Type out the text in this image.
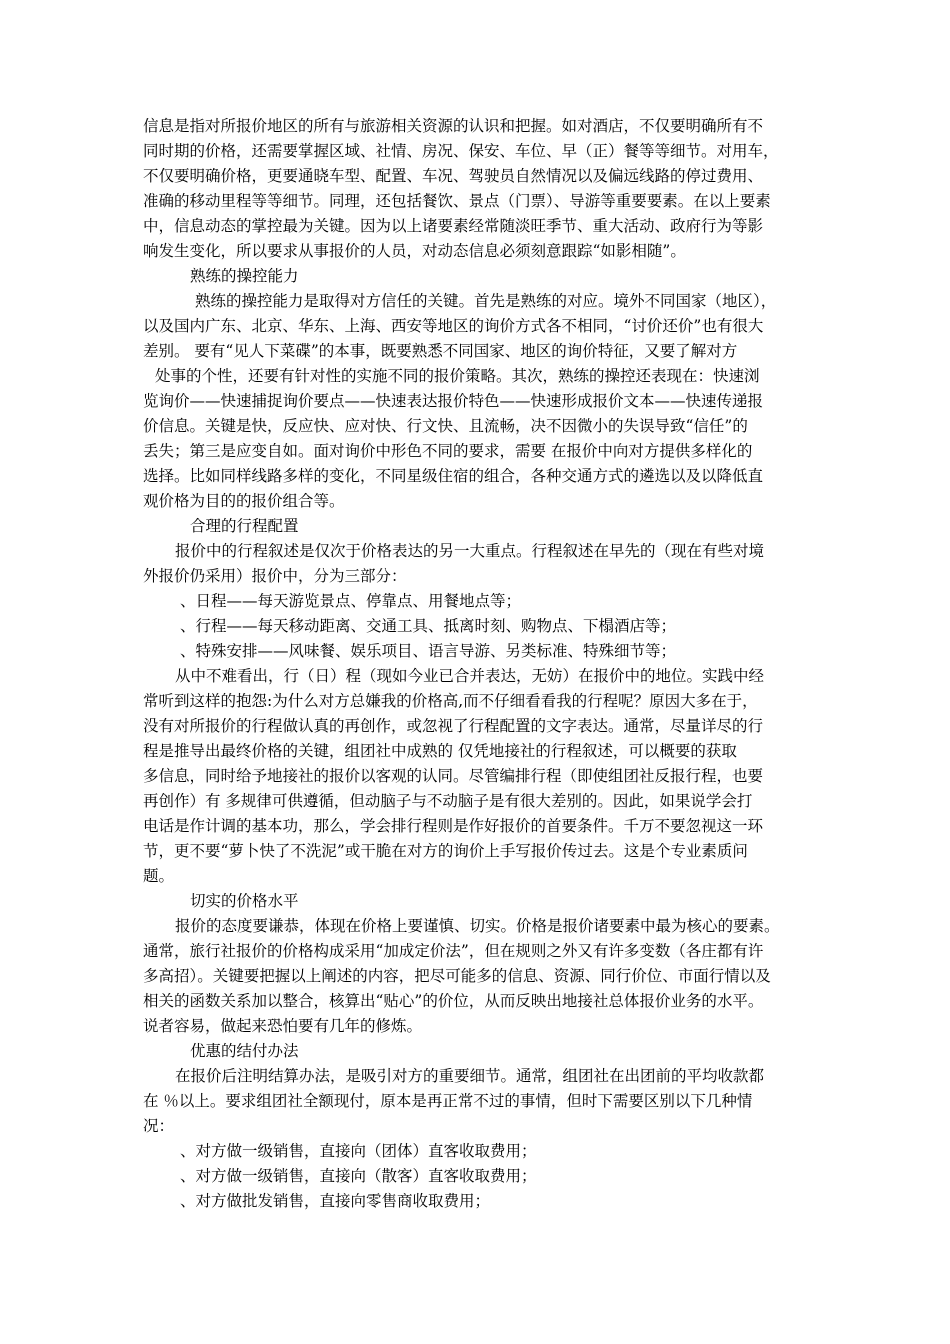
信息是指对所报价地区的所有与旅游相关资源的认识和把握。如对酒店，不仅要明确所有不
同时期的价格，还需要掌握区域、社情、房况、保安、车位、早（正）餐等等细节。对用车，
不仅要明确价格，更要通晓车型、配置、车况、驾驶员自然情况以及偏远线路的停过费用、
准确的移动里程等等细节。同理，还包括餐饮、景点（门票）、导游等重要要素。在以上要素
中，信息动态的掌控最为关键。因为以上诸要素经常随淡旺季节、重大活动、政府行为等影
响发生变化，所以要求从事报价的人员，对动态信息必须刻意跟踪“如影相随”。
熟练的操控能力
熟练的操控能力是取得对方信任的关键。首先是熟练的对应。境外不同国家（地区），
以及国内广东、北京、华东、上海、西安等地区的询价方式各不相同，“讨价还价”也有很大
差别。 要有“见人下菜碟”的本事，既要熟悉不同国家、地区的询价特征，又要了解对方
处事的个性，还要有针对性的实施不同的报价策略。其次，熟练的操控还表现在：快速浏
览询价——快速捕捉询价要点——快速表达报价特色——快速形成报价文本——快速传递报
价信息。关键是快，反应快、应对快、行文快、且流畅，决不因微小的失误导致“信任”的
丢失；第三是应变自如。面对询价中形色不同的要求，需要 在报价中向对方提供多样化的
选择。比如同样线路多样的变化，不同星级住宿的组合，各种交通方式的遴选以及以降低直
观价格为目的的报价组合等。
合理的行程配置
报价中的行程叙述是仅次于价格表达的另一大重点。行程叙述在早先的（现在有些对境
外报价仍采用）报价中，分为三部分：
、日程——每天游览景点、停靠点、用餐地点等；
、行程——每天移动距离、交通工具、抵离时刻、购物点、下榻酒店等；
、特殊安排——风味餐、娱乐项目、语言导游、另类标准、特殊细节等；
从中不难看出，行（日）程（现如今业已合并表达，无妨）在报价中的地位。实践中经
常听到这样的抱怨:为什么对方总嫌我的价格高,而不仔细看看我的行程呢？原因大多在于，
没有对所报价的行程做认真的再创作，或忽视了行程配置的文字表达。通常，尽量详尽的行
程是推导出最终价格的关键，组团社中成熟的 仅凭地接社的行程叙述，可以概要的获取
多信息，同时给予地接社的报价以客观的认同。尽管编排行程（即使组团社反报行程，也要
再创作）有 多规律可供遵循，但动脑子与不动脑子是有很大差别的。因此，如果说学会打
电话是作计调的基本功，那么，学会排行程则是作好报价的首要条件。千万不要忽视这一环
节，更不要“萝卜快了不洗泥”或干脆在对方的询价上手写报价传过去。这是个专业素质问
题。
切实的价格水平
报价的态度要谦恭，体现在价格上要谨慎、切实。价格是报价诸要素中最为核心的要素。
通常，旅行社报价的价格构成采用“加成定价法”，但在规则之外又有许多变数（各庄都有许
多高招）。关键要把握以上阐述的内容，把尽可能多的信息、资源、同行价位、市面行情以及
相关的函数关系加以整合，核算出“贴心”的价位，从而反映出地接社总体报价业务的水平。
说者容易，做起来恐怕要有几年的修炼。
优惠的结付办法
在报价后注明结算办法，是吸引对方的重要细节。通常，组团社在出团前的平均收款都
在 ％以上。要求组团社全额现付，原本是再正常不过的事情，但时下需要区别以下几种情
况：
、对方做一级销售，直接向（团体）直客收取费用；
、对方做一级销售，直接向（散客）直客收取费用；
、对方做批发销售，直接向零售商收取费用；
